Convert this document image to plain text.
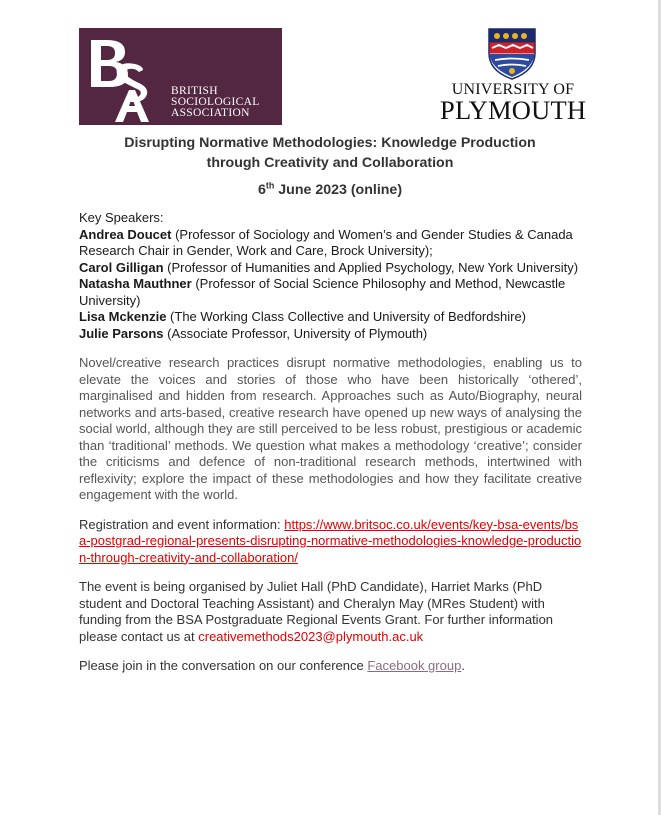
BRITISH
SOCIOLOGICAL
ASSOCIATION
UNIVERSITY OF
PLYMOUTH
Disrupting Normative Methodologies: Knowledge Production
through Creativity and Collaboration
6th June 2023 (online)

Key Speakers:

Andrea Doucet (Professor of Sociology and Women’s and Gender Studies & Canada Research Chair in Gender, Work and Care, Brock University);

Carol Gilligan (Professor of Humanities and Applied Psychology, New York University)

Natasha Mauthner (Professor of Social Science Philosophy and Method, Newcastle University)

Lisa Mckenzie (The Working Class Collective and University of Bedfordshire)

Julie Parsons (Associate Professor, University of Plymouth)

Novel/creative research practices disrupt normative methodologies, enabling us to elevate the voices and stories of those who have been historically ‘othered’, marginalised and hidden from research. Approaches such as Auto/Biography, neural networks and arts-based, creative research have opened up new ways of analysing the social world, although they are still perceived to be less robust, prestigious or academic than ‘traditional’ methods. We question what makes a methodology ‘creative’; consider the criticisms and defence of non-traditional research methods, intertwined with reflexivity; explore the impact of these methodologies and how they facilitate creative engagement with the world.

Registration and event information: https://www.britsoc.co.uk/events/key-bsa-events/bsa-postgrad-regional-presents-disrupting-normative-methodologies-knowledge-production-through-creativity-and-collaboration/

The event is being organised by Juliet Hall (PhD Candidate), Harriet Marks (PhD student and Doctoral Teaching Assistant) and Cheralyn May (MRes Student) with funding from the BSA Postgraduate Regional Events Grant. For further information please contact us at creativemethods2023@plymouth.ac.uk

Please join in the conversation on our conference Facebook group.
